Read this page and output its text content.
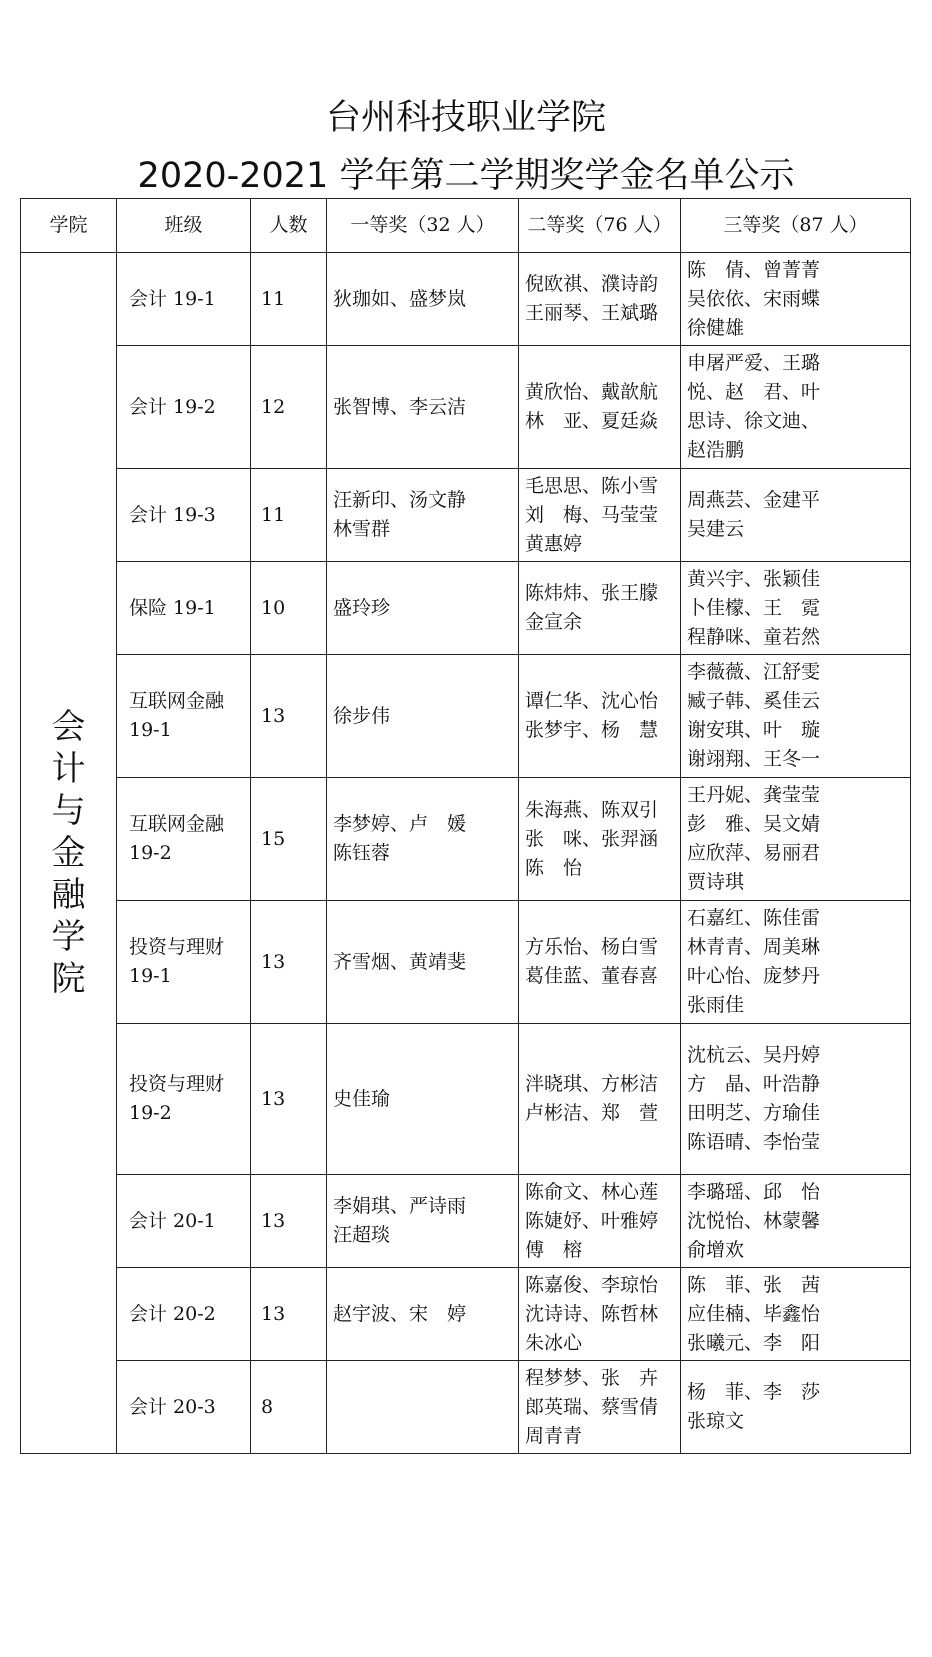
台州科技职业学院
2020-2021 学年第二学期奖学金名单公示
学院	班级	人数	一等奖（32 人）	二等奖（76 人）	三等奖（87 人）
会计与金融学院	会计 19-1	11	狄珈如、盛梦岚	倪欧祺、濮诗韵
王丽琴、王斌璐	陈　倩、曾菁菁
吴依依、宋雨蝶
徐健雄
	会计 19-2	12	张智博、李云洁	黄欣怡、戴歆航
林　亚、夏廷焱	申屠严爱、王璐
悦、赵　君、叶
思诗、徐文迪、
赵浩鹏
	会计 19-3	11	汪新印、汤文静
林雪群	毛思思、陈小雪
刘　梅、马莹莹
黄惠婷	周燕芸、金建平
吴建云
	保险 19-1	10	盛玲珍	陈炜炜、张王朦
金宣余	黄兴宇、张颖佳
卜佳檬、王　霓
程静咪、童若然
	互联网金融
19-1	13	徐步伟	谭仁华、沈心怡
张梦宇、杨　慧	李薇薇、江舒雯
臧子韩、奚佳云
谢安琪、叶　璇
谢翊翔、王冬一
	互联网金融
19-2	15	李梦婷、卢　媛
陈钰蓉	朱海燕、陈双引
张　咪、张羿涵
陈　怡	王丹妮、龚莹莹
彭　雅、吴文婧
应欣萍、易丽君
贾诗琪
	投资与理财
19-1	13	齐雪烟、黄靖斐	方乐怡、杨白雪
葛佳蓝、董春喜	石嘉红、陈佳雷
林青青、周美琳
叶心怡、庞梦丹
张雨佳
	投资与理财
19-2	13	史佳瑜	泮晓琪、方彬洁
卢彬洁、郑　萱	沈杭云、吴丹婷
方　晶、叶浩静
田明芝、方瑜佳
陈语晴、李怡莹
	会计 20-1	13	李娟琪、严诗雨
汪超琰	陈俞文、林心莲
陈婕妤、叶雅婷
傅　榕	李璐瑶、邱　怡
沈悦怡、林蒙馨
俞增欢
	会计 20-2	13	赵宇波、宋　婷	陈嘉俊、李琼怡
沈诗诗、陈哲林
朱冰心	陈　菲、张　茜
应佳楠、毕鑫怡
张曦元、李　阳
	会计 20-3	8		程梦梦、张　卉
郎英瑞、蔡雪倩
周青青	杨　菲、李　莎
张琼文
